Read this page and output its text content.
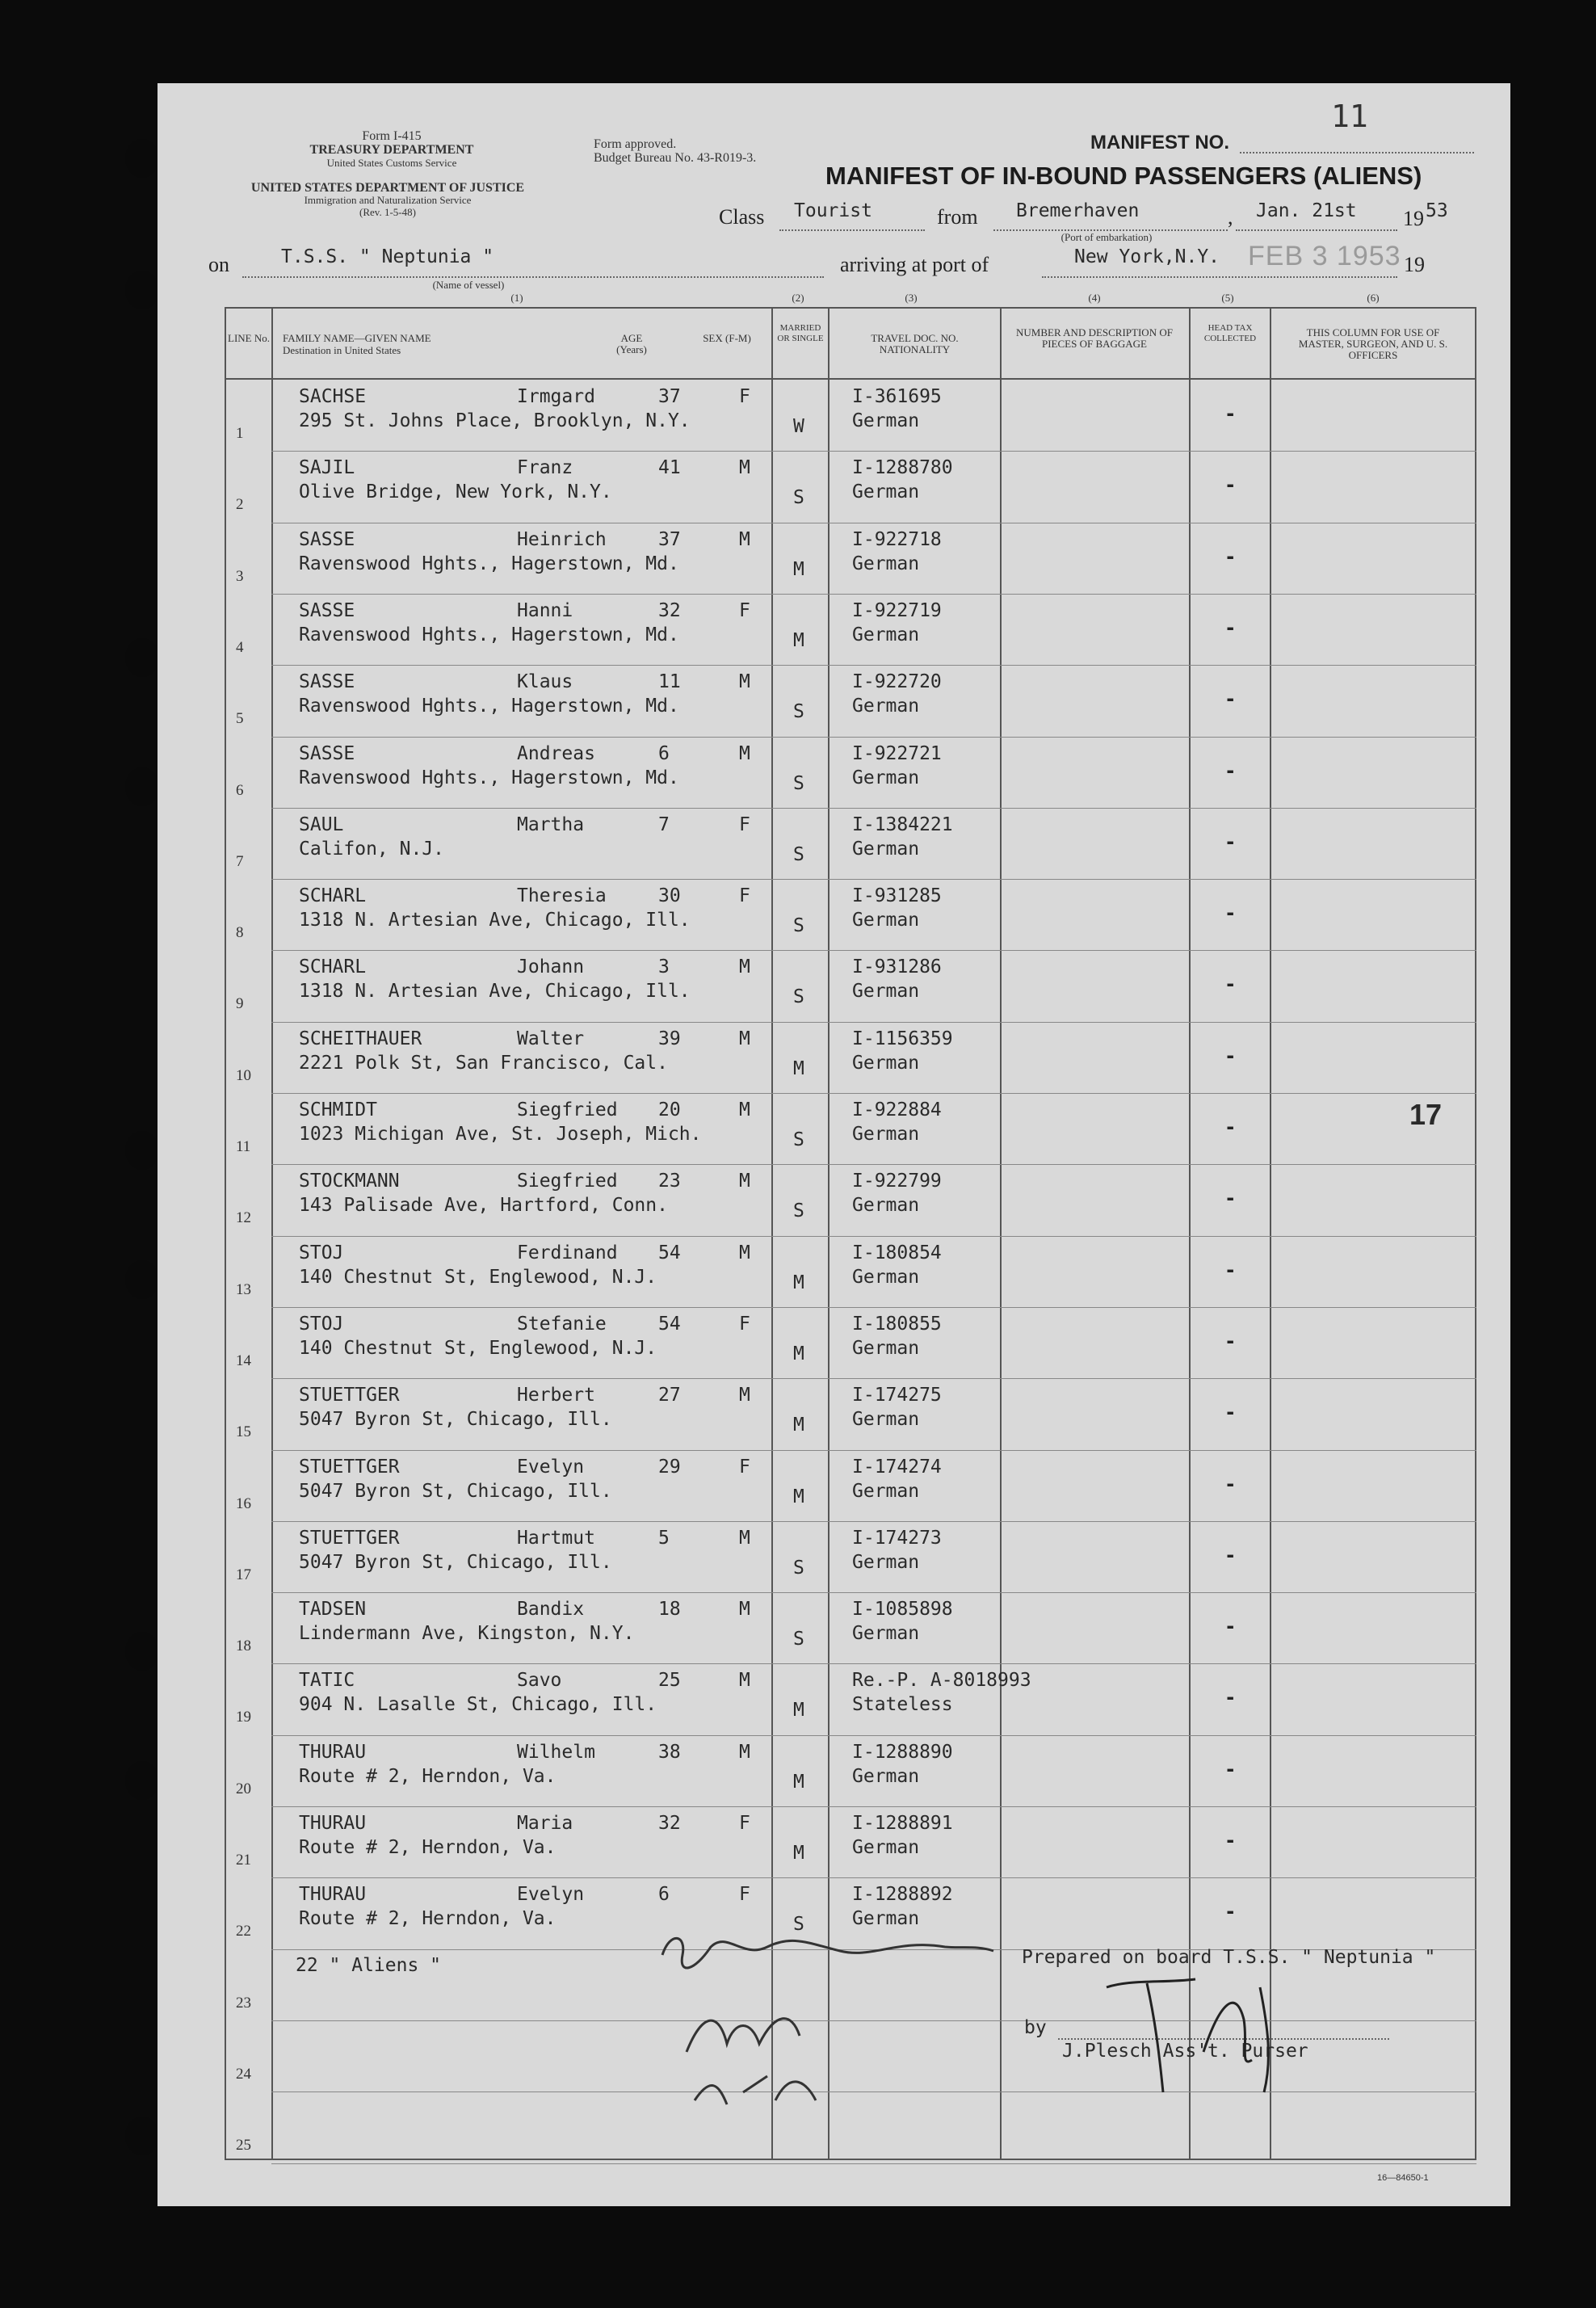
Form I-415
TREASURY DEPARTMENT
United States Customs Service
UNITED STATES DEPARTMENT OF JUSTICE
Immigration and Naturalization Service
(Rev. 1-5-48)
Form approved.
Budget Bureau No. 43-R019-3.
MANIFEST NO.
11
MANIFEST OF IN-BOUND PASSENGERS (ALIENS)
Class Tourist	from Bremerhaven
(Port of embarkation)
, Jan. 21st 19 53
on	T.S.S. " Neptunia "
(Name of vessel)
arriving at port of	New York,N.Y. FEB 3 1953 19
(1)	(2)	(3)	(4)	(5)	(6)
LINE No.	FAMILY NAME—GIVEN NAME
Destination in United States
AGE (Years)
SEX (F-M)
MARRIED OR SINGLE	TRAVEL DOC. NO. NATIONALITY
NUMBER AND DESCRIPTION OF PIECES OF BAGGAGE
HEAD TAX COLLECTED	THIS COLUMN FOR USE OF MASTER, SURGEON, AND U. S. OFFICERS
1
SACHSE	Irmgard	37	F
295 St. Johns Place, Brooklyn, N.Y.	W
I-361695
German	-
2
SAJIL	Franz	41	M
Olive Bridge, New York, N.Y.	S
I-1288780
German	-
3
SASSE	Heinrich	37	M
Ravenswood Hghts., Hagerstown, Md.	M
I-922718
German	-
4
SASSE	Hanni	32	F
Ravenswood Hghts., Hagerstown, Md.	M
I-922719
German	-
5
SASSE	Klaus	11	M
Ravenswood Hghts., Hagerstown, Md.	S
I-922720
German	-
6
SASSE	Andreas	6	M
Ravenswood Hghts., Hagerstown, Md.	S
I-922721
German	-
7
SAUL	Martha	7	F
Califon, N.J.	S
I-1384221
German	-
8
SCHARL	Theresia	30	F
1318 N. Artesian Ave, Chicago, Ill.	S
I-931285
German	-
9
SCHARL	Johann	3	M
1318 N. Artesian Ave, Chicago, Ill.	S
I-931286
German	-
10
SCHEITHAUER	Walter	39	M
2221 Polk St, San Francisco, Cal.	M
I-1156359
German	-
11
SCHMIDT	Siegfried 20	M
1023 Michigan Ave, St. Joseph, Mich.	S
I-922884
German	-	17
12
STOCKMANN	Siegfried 23	M
143 Palisade Ave, Hartford, Conn.	S
I-922799
German	-
13
STOJ	Ferdinand 54	M
140 Chestnut St, Englewood, N.J.	M
I-180854
German	-
14
STOJ	Stefanie	54	F
140 Chestnut St, Englewood, N.J.	M
I-180855
German	-
15
STUETTGER	Herbert	27	M
5047 Byron St, Chicago, Ill.	M
I-174275
German	-
16
STUETTGER	Evelyn	29	F
5047 Byron St, Chicago, Ill.	M
I-174274
German	-
17
STUETTGER	Hartmut	5	M
5047 Byron St, Chicago, Ill.	S
I-174273
German	-
18
TADSEN	Bandix	18	M
Lindermann Ave, Kingston, N.Y.	S
I-1085898
German	-
19
TATIC	Savo	25	M
904 N. Lasalle St, Chicago, Ill.	M
Re.-P. A-8018993
Stateless	-
20
THURAU	Wilhelm	38	M
Route # 2, Herndon, Va.	M
I-1288890
German	-
21
THURAU	Maria	32	F
Route # 2, Herndon, Va.	M
I-1288891
German	-
22
THURAU	Evelyn	6	F
Route # 2, Herndon, Va.	S
I-1288892
German	-
23
24
25
22 " Aliens "	Prepared on board T.S.S. " Neptunia "
by
J.Plesch Ass't. Purser
16—84650-1
